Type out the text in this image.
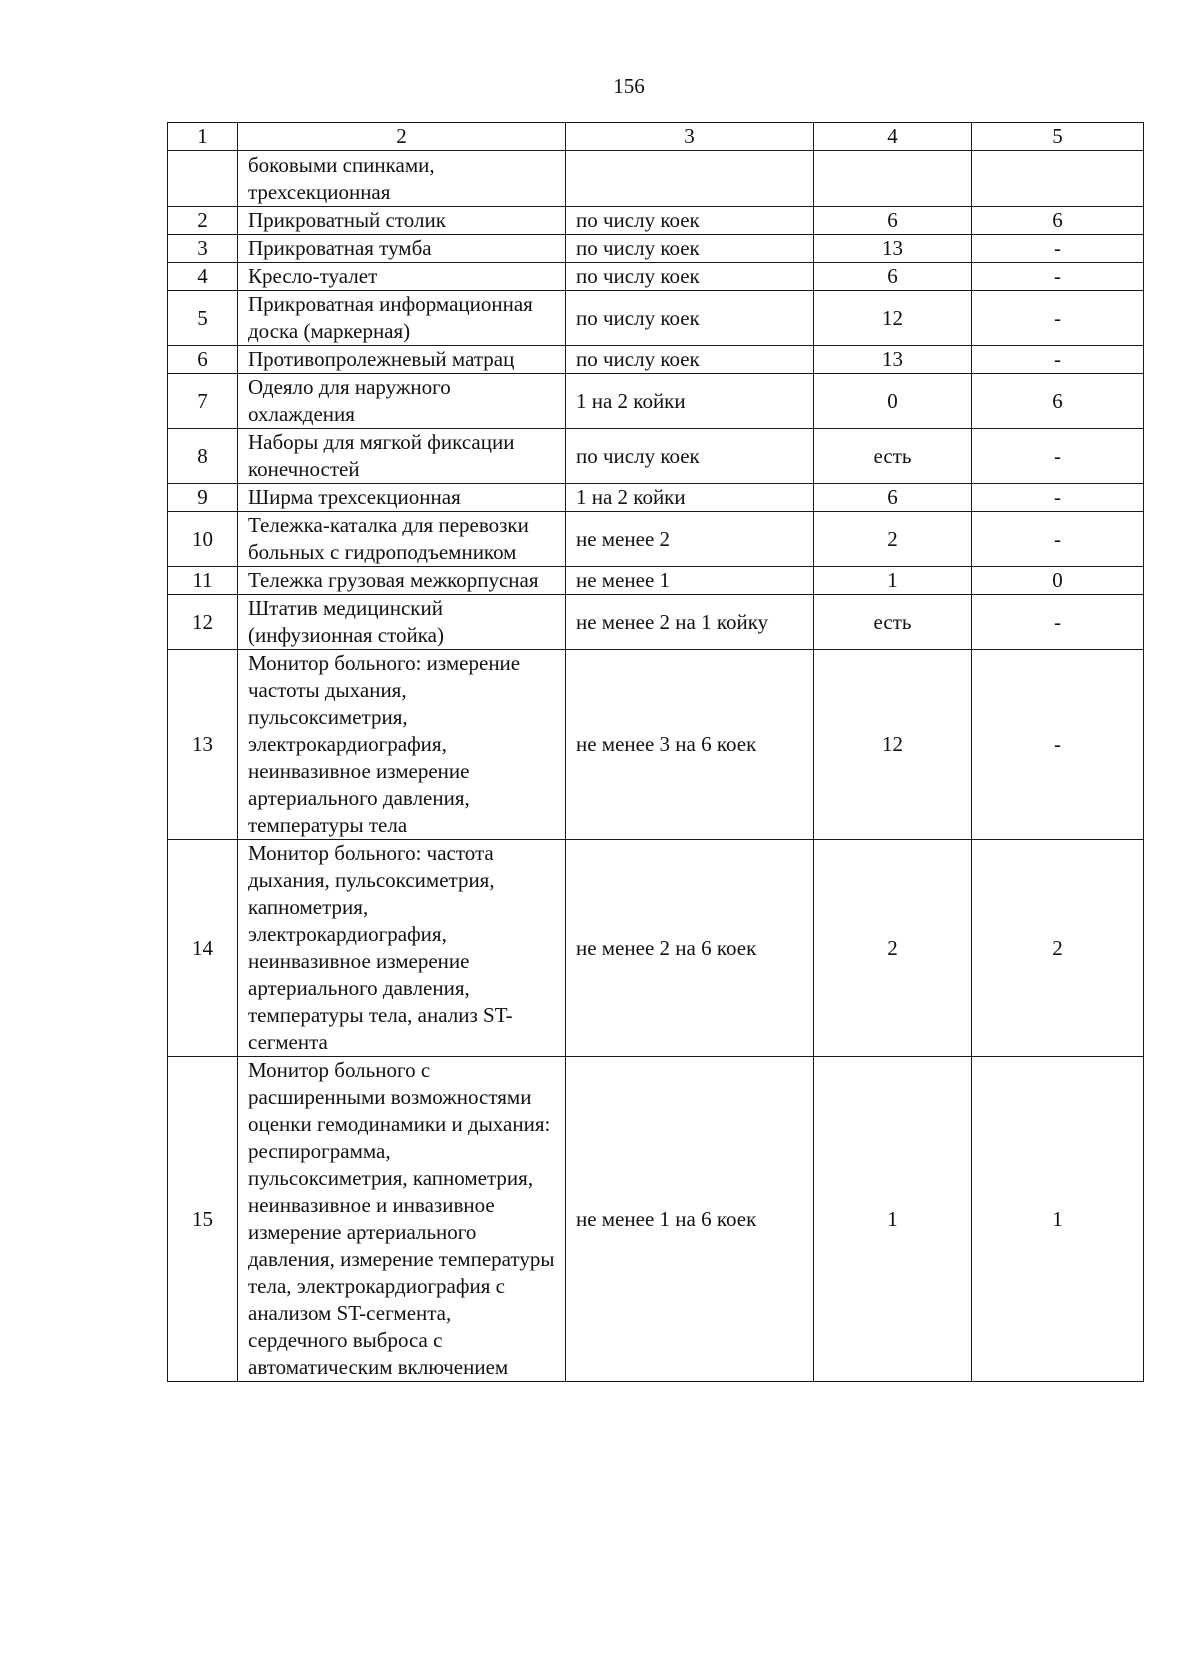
156
1	2	3	4	5
	боковыми спинками, трехсекционная			
2	Прикроватный столик	по числу коек	6	6
3	Прикроватная тумба	по числу коек	13	-
4	Кресло-туалет	по числу коек	6	-
5	Прикроватная информационная доска (маркерная)	по числу коек	12	-
6	Противопролежневый матрац	по числу коек	13	-
7	Одеяло для наружного охлаждения	1 на 2 койки	0	6
8	Наборы для мягкой фиксации конечностей	по числу коек	есть	-
9	Ширма трехсекционная	1 на 2 койки	6	-
10	Тележка-каталка для перевозки больных с гидроподъемником	не менее 2	2	-
11	Тележка грузовая межкорпусная	не менее 1	1	0
12	Штатив медицинский (инфузионная стойка)	не менее 2 на 1 койку	есть	-
13	Монитор больного: измерение частоты дыхания, пульсоксиметрия, электрокардиография, неинвазивное измерение артериального давления, температуры тела	не менее 3 на 6 коек	12	-
14	Монитор больного: частота дыхания, пульсоксиметрия, капнометрия, электрокардиография, неинвазивное измерение артериального давления, температуры тела, анализ ST-сегмента	не менее 2 на 6 коек	2	2
15	Монитор больного с расширенными возможностями оценки гемодинамики и дыхания: респирограмма, пульсоксиметрия, капнометрия, неинвазивное и инвазивное измерение артериального давления, измерение температуры тела, электрокардиография с анализом ST-сегмента, сердечного выброса с автоматическим включением	не менее 1 на 6 коек	1	1
